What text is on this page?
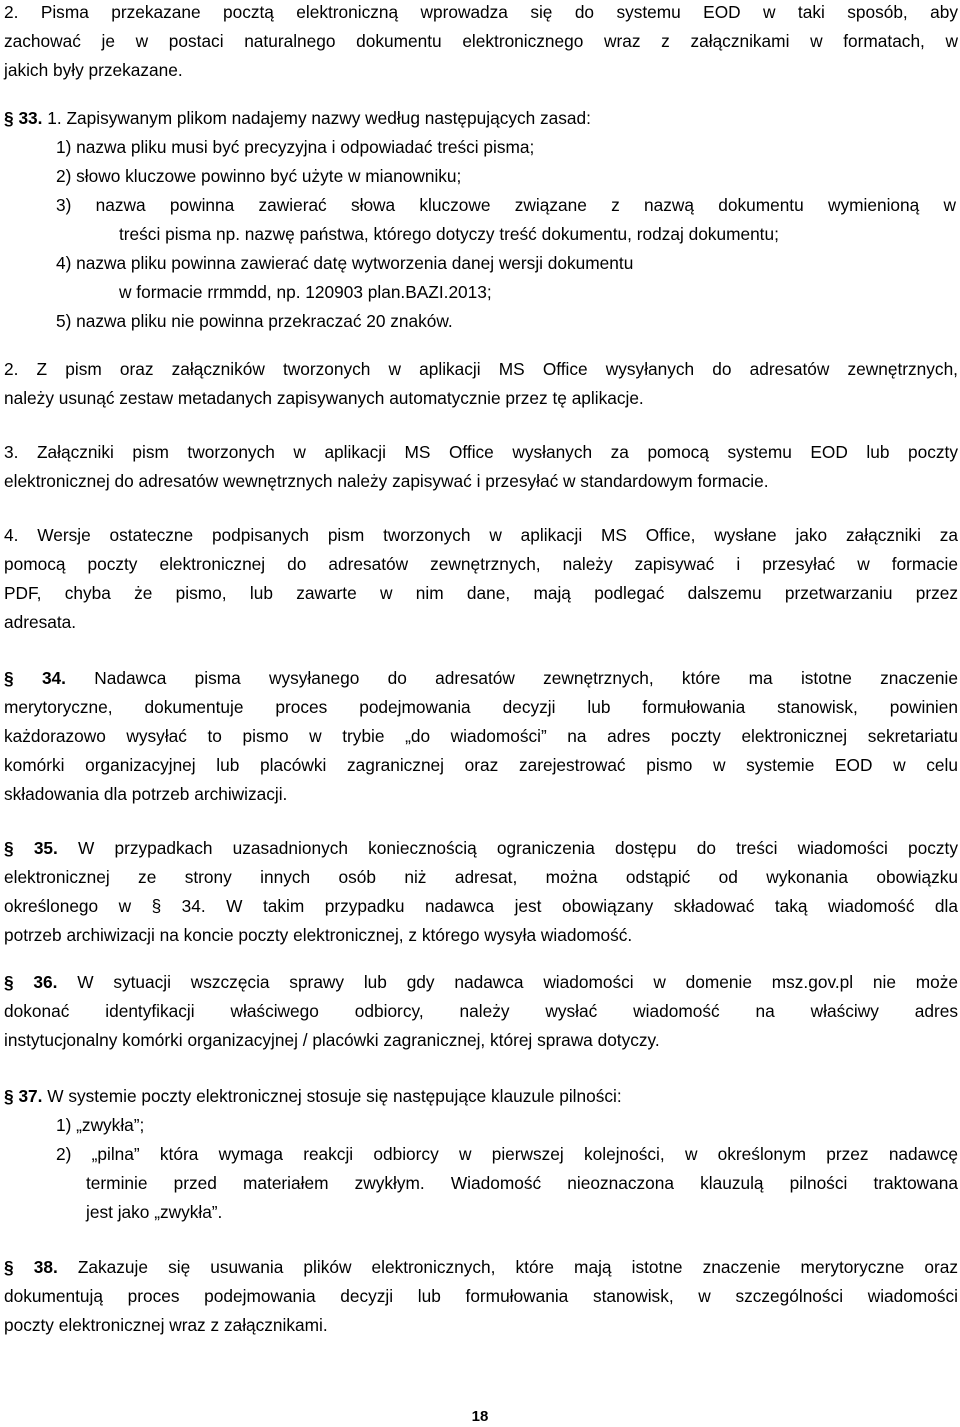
2. Pisma przekazane pocztą elektroniczną wprowadza się do systemu EOD w taki sposób, aby
zachować je w postaci naturalnego dokumentu elektronicznego wraz z załącznikami w formatach, w
jakich były przekazane.
§ 33. 1. Zapisywanym plikom nadajemy nazwy według następujących zasad:
1) nazwa pliku musi być precyzyjna i odpowiadać treści pisma;
2) słowo kluczowe powinno być użyte w mianowniku;
3) nazwa powinna zawierać słowa kluczowe związane z nazwą dokumentu wymienioną w
treści pisma np. nazwę państwa, którego dotyczy treść dokumentu, rodzaj dokumentu;
4) nazwa pliku powinna zawierać datę wytworzenia danej wersji dokumentu
w formacie rrmmdd, np. 120903 plan.BAZI.2013;
5) nazwa pliku nie powinna przekraczać 20 znaków.
2. Z pism oraz załączników tworzonych w aplikacji MS Office wysyłanych do adresatów zewnętrznych,
należy usunąć zestaw metadanych zapisywanych automatycznie przez tę aplikacje.
3. Załączniki pism tworzonych w aplikacji MS Office wysłanych za pomocą systemu EOD lub poczty
elektronicznej do adresatów wewnętrznych należy zapisywać i przesyłać w standardowym formacie.
4. Wersje ostateczne podpisanych pism tworzonych w aplikacji MS Office, wysłane jako załączniki za
pomocą poczty elektronicznej do adresatów zewnętrznych, należy zapisywać i przesyłać w formacie
PDF, chyba że pismo, lub zawarte w nim dane, mają podlegać dalszemu przetwarzaniu przez
adresata.
§ 34. Nadawca pisma wysyłanego do adresatów zewnętrznych, które ma istotne znaczenie
merytoryczne, dokumentuje proces podejmowania decyzji lub formułowania stanowisk, powinien
każdorazowo wysyłać to pismo w trybie „do wiadomości” na adres poczty elektronicznej sekretariatu
komórki organizacyjnej lub placówki zagranicznej oraz zarejestrować pismo w systemie EOD w celu
składowania dla potrzeb archiwizacji.
§ 35. W przypadkach uzasadnionych koniecznością ograniczenia dostępu do treści wiadomości poczty
elektronicznej ze strony innych osób niż adresat, można odstąpić od wykonania obowiązku
określonego w § 34. W takim przypadku nadawca jest obowiązany składować taką wiadomość dla
potrzeb archiwizacji na koncie poczty elektronicznej, z którego wysyła wiadomość.
§ 36. W sytuacji wszczęcia sprawy lub gdy nadawca wiadomości w domenie msz.gov.pl nie może
dokonać identyfikacji właściwego odbiorcy, należy wysłać wiadomość na właściwy adres
instytucjonalny komórki organizacyjnej / placówki zagranicznej, której sprawa dotyczy.
§ 37. W systemie poczty elektronicznej stosuje się następujące klauzule pilności:
1) „zwykła”;
2) „pilna” która wymaga reakcji odbiorcy w pierwszej kolejności, w określonym przez nadawcę
terminie przed materiałem zwykłym. Wiadomość nieozn​aczona klauzulą pilności traktowana
jest jako „zwykła”.
§ 38. Zakazuje się usuwania plików elektronicznych, które mają istotne znaczenie merytoryczne oraz
dokumentują proces podejmowania decyzji lub formułowania stanowisk, w szczególności wiadomości
poczty elektronicznej wraz z załącznikami.
18
